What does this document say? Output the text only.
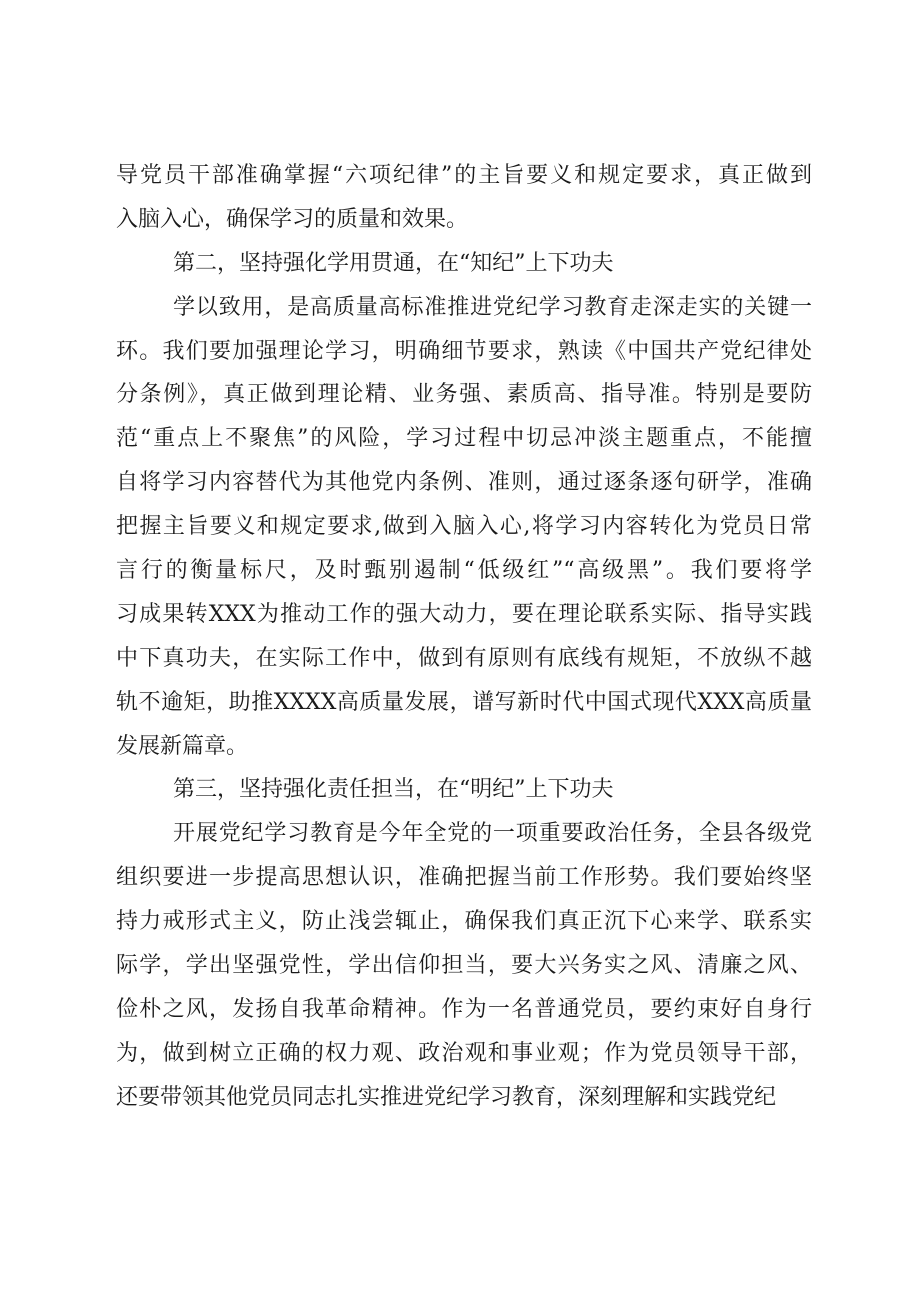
导党员干部准确掌握“六项纪律”的主旨要义和规定要求，真正做到
入脑入心，确保学习的质量和效果。
第二，坚持强化学用贯通，在“知纪”上下功夫
学以致用，是高质量高标准推进党纪学习教育走深走实的关键一
环。我们要加强理论学习，明确细节要求，熟读《中国共产党纪律处
分条例》，真正做到理论精、业务强、素质高、指导准。特别是要防
范“重点上不聚焦”的风险，学习过程中切忌冲淡主题重点，不能擅
自将学习内容替代为其他党内条例、准则，通过逐条逐句研学，准确
把握主旨要义和规定要求,做到入脑入心,将学习内容转化为党员日常
言行的衡量标尺，及时甄别遏制“低级红”“高级黑”。我们要将学
习成果转XXX为推动工作的强大动力，要在理论联系实际、指导实践
中下真功夫，在实际工作中，做到有原则有底线有规矩，不放纵不越
轨不逾矩，助推XXXX高质量发展，谱写新时代中国式现代XXX高质量
发展新篇章。
第三，坚持强化责任担当，在“明纪”上下功夫
开展党纪学习教育是今年全党的一项重要政治任务，全县各级党
组织要进一步提高思想认识，准确把握当前工作形势。我们要始终坚
持力戒形式主义，防止浅尝辄止，确保我们真正沉下心来学、联系实
际学，学出坚强党性，学出信仰担当，要大兴务实之风、清廉之风、
俭朴之风，发扬自我革命精神。作为一名普通党员，要约束好自身行
为，做到树立正确的权力观、政治观和事业观；作为党员领导干部，
还要带领其他党员同志扎实推进党纪学习教育，深刻理解和实践党纪
